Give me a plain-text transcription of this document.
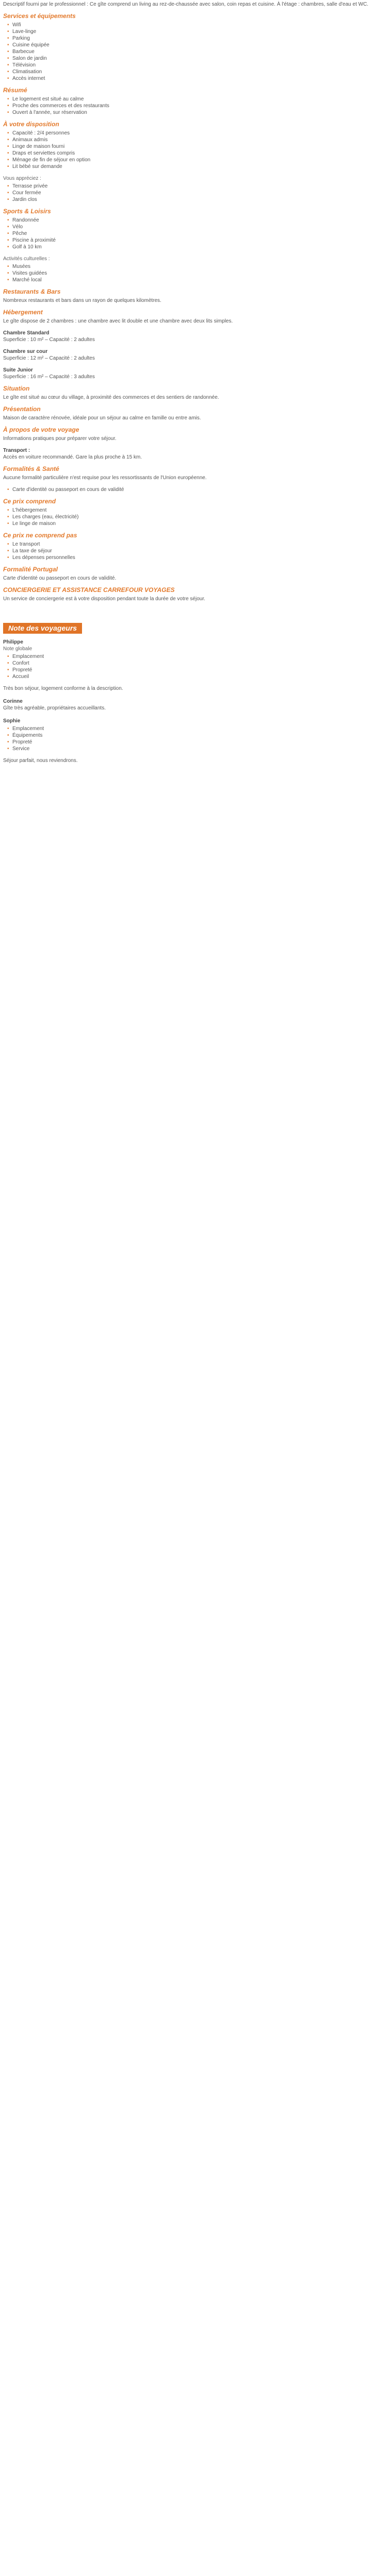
Descriptif fourni par le professionnel : Ce gîte comprend un living au rez-de-chaussée avec salon, coin repas et cuisine. À l'étage : chambres, salle d'eau et WC.

Services et équipements
• Wifi
• Lave-linge
• Parking
• Cuisine équipée
• Barbecue
• Salon de jardin
• Télévision
• Climatisation
• Accès internet
Résumé
• Le logement est situé au calme
• Proche des commerces et des restaurants
• Ouvert à l'année, sur réservation
À votre disposition
• Capacité : 2/4 personnes
• Animaux admis
• Linge de maison fourni
• Draps et serviettes compris
• Ménage de fin de séjour en option
• Lit bébé sur demande
Vous appréciez :
• Terrasse privée
• Cour fermée
• Jardin clos
Sports & Loisirs
• Randonnée
• Vélo
• Pêche
• Piscine à proximité
• Golf à 10 km
Activités culturelles :
• Musées
• Visites guidées
• Marché local
Restaurants & Bars

Nombreux restaurants et bars dans un rayon de quelques kilomètres.

Hébergement

Le gîte dispose de 2 chambres : une chambre avec lit double et une chambre avec deux lits simples.

Chambre Standard

Superficie : 10 m² – Capacité : 2 adultes

Chambre sur cour

Superficie : 12 m² – Capacité : 2 adultes

Suite Junior

Superficie : 16 m² – Capacité : 3 adultes

Situation

Le gîte est situé au cœur du village, à proximité des commerces et des sentiers de randonnée.

Présentation

Maison de caractère rénovée, idéale pour un séjour au calme en famille ou entre amis.

À propos de votre voyage

Informations pratiques pour préparer votre séjour.

Transport :

Accès en voiture recommandé. Gare la plus proche à 15 km.

Formalités & Santé

Aucune formalité particulière n'est requise pour les ressortissants de l'Union européenne.

• Carte d'identité ou passeport en cours de validité
Ce prix comprend
• L'hébergement
• Les charges (eau, électricité)
• Le linge de maison
Ce prix ne comprend pas
• Le transport
• La taxe de séjour
• Les dépenses personnelles
Formalité Portugal

Carte d'identité ou passeport en cours de validité.

CONCIERGERIE ET ASSISTANCE CARREFOUR VOYAGES

Un service de conciergerie est à votre disposition pendant toute la durée de votre séjour.

Note des voyageurs
Philippe
Note globale
• Emplacement
• Confort
• Propreté
• Accueil

Très bon séjour, logement conforme à la description.

Corinne

Gîte très agréable, propriétaires accueillants.

Sophie
• Emplacement
• Équipements
• Propreté
• Service

Séjour parfait, nous reviendrons.
